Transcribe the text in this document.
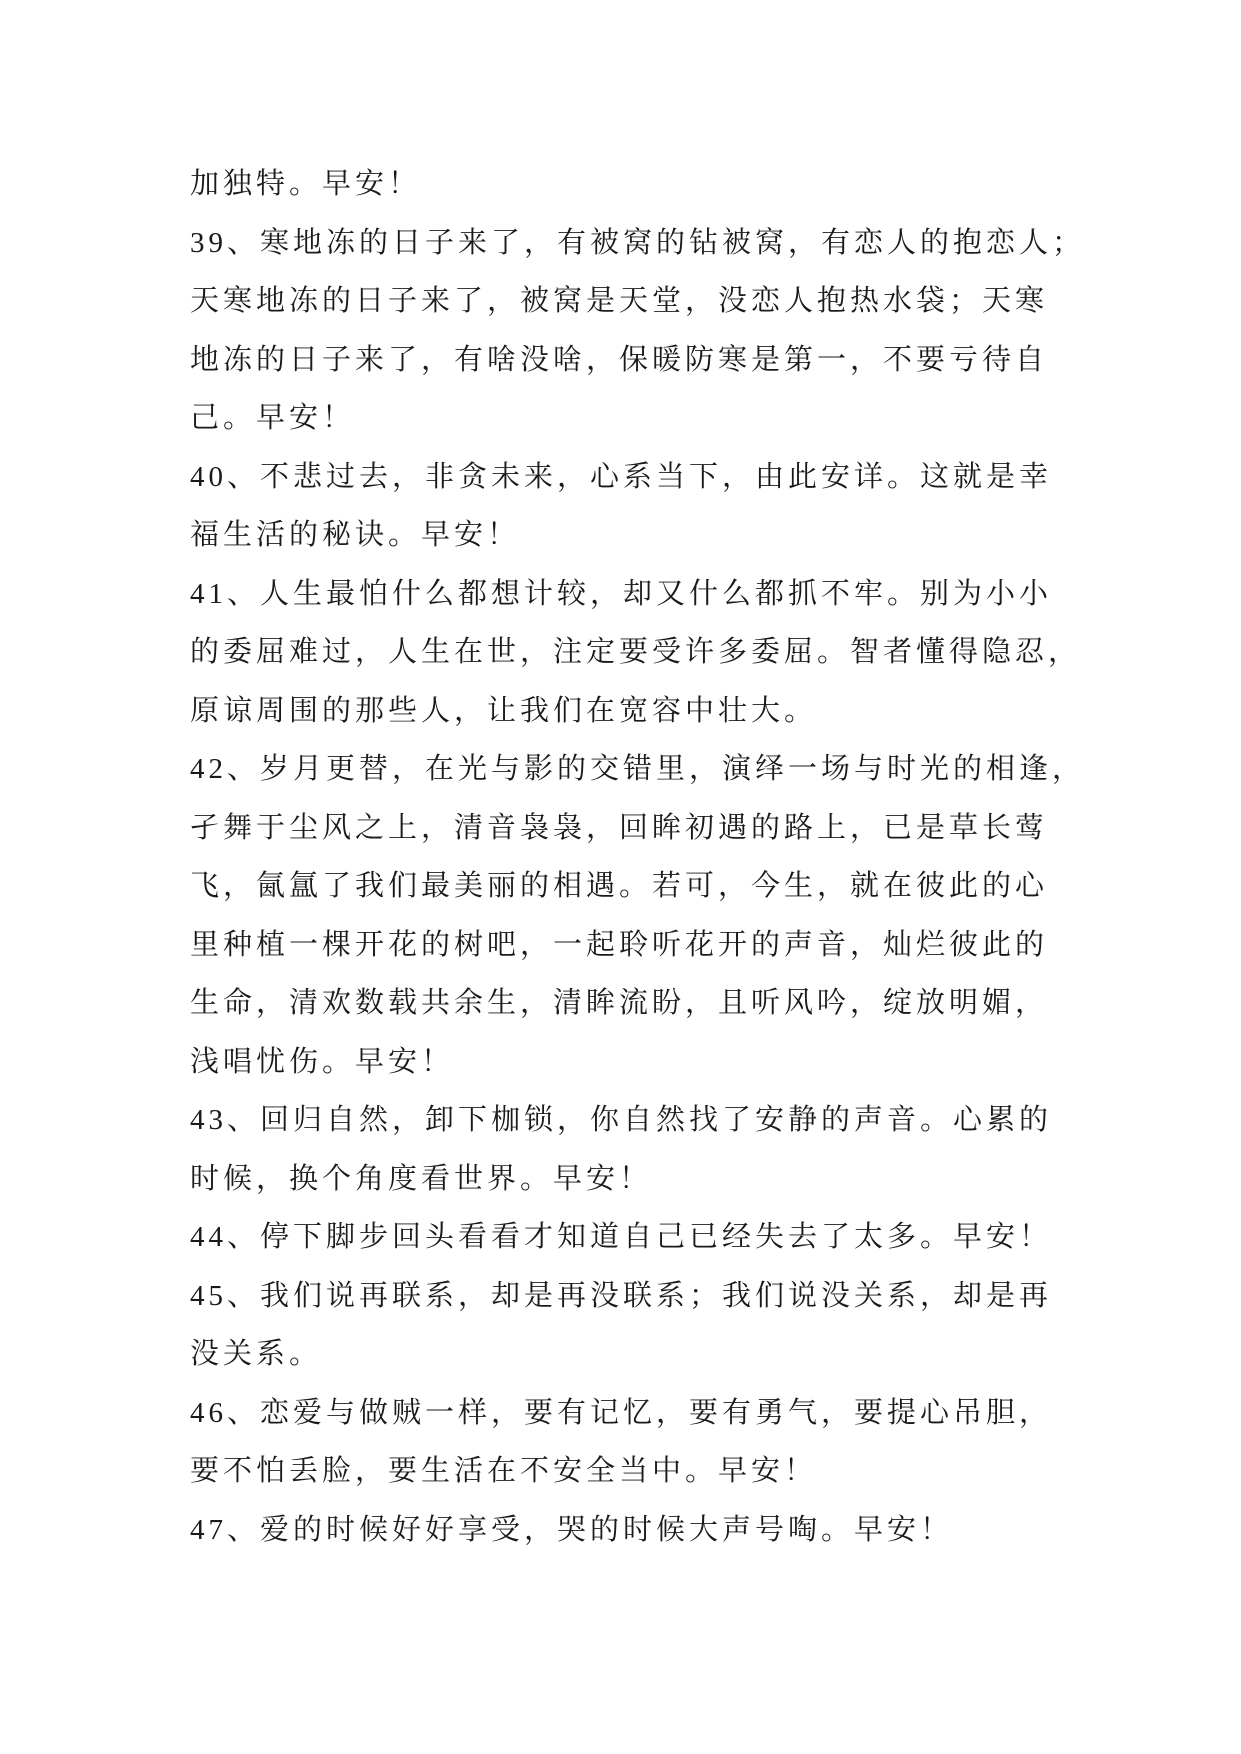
加独特。早安！
39、寒地冻的日子来了，有被窝的钻被窝，有恋人的抱恋人；
天寒地冻的日子来了，被窝是天堂，没恋人抱热水袋；天寒
地冻的日子来了，有啥没啥，保暖防寒是第一，不要亏待自
己。早安！
40、不悲过去，非贪未来，心系当下，由此安详。这就是幸
福生活的秘诀。早安！
41、人生最怕什么都想计较，却又什么都抓不牢。别为小小
的委屈难过，人生在世，注定要受许多委屈。智者懂得隐忍，
原谅周围的那些人，让我们在宽容中壮大。
42、岁月更替，在光与影的交错里，演绎一场与时光的相逢，
孑舞于尘风之上，清音袅袅，回眸初遇的路上，已是草长莺
飞，氤氲了我们最美丽的相遇。若可，今生，就在彼此的心
里种植一棵开花的树吧，一起聆听花开的声音，灿烂彼此的
生命，清欢数载共余生，清眸流盼，且听风吟，绽放明媚，
浅唱忧伤。早安！
43、回归自然，卸下枷锁，你自然找了安静的声音。心累的
时候，换个角度看世界。早安！
44、停下脚步回头看看才知道自己已经失去了太多。早安！
45、我们说再联系，却是再没联系；我们说没关系，却是再
没关系。
46、恋爱与做贼一样，要有记忆，要有勇气，要提心吊胆，
要不怕丢脸，要生活在不安全当中。早安！
47、爱的时候好好享受，哭的时候大声号啕。早安！
